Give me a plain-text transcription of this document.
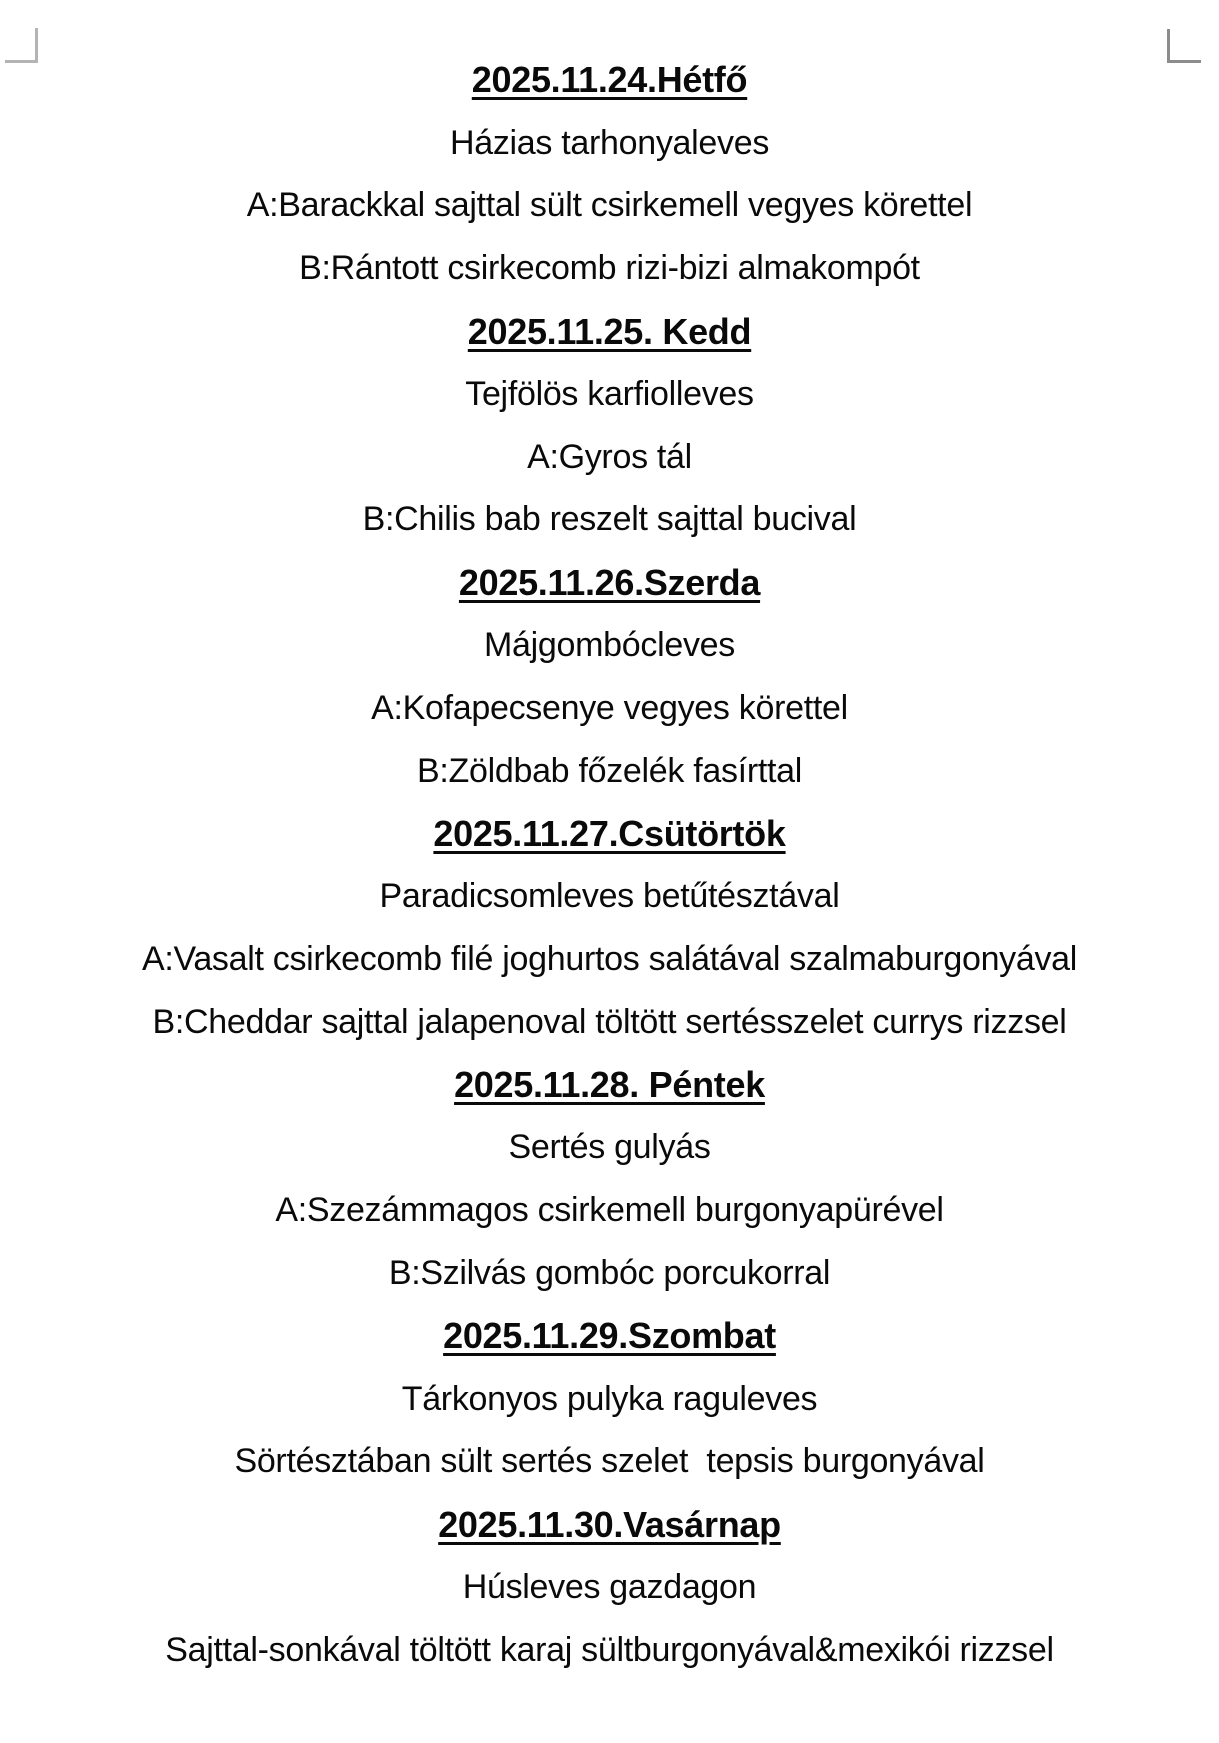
2025.11.24.Hétfő

Házias tarhonyaleves

A:Barackkal sajttal sült csirkemell vegyes körettel

B:Rántott csirkecomb rizi-bizi almakompót

2025.11.25. Kedd

Tejfölös karfiolleves

A:Gyros tál

B:Chilis bab reszelt sajttal bucival

2025.11.26.Szerda

Májgombócleves

A:Kofapecsenye vegyes körettel

B:Zöldbab főzelék fasírttal

2025.11.27.Csütörtök

Paradicsomleves betűtésztával

A:Vasalt csirkecomb filé joghurtos salátával szalmaburgonyával

B:Cheddar sajttal jalapenoval töltött sertésszelet currys rizzsel

2025.11.28. Péntek

Sertés gulyás

A:Szezámmagos csirkemell burgonyapürével

B:Szilvás gombóc porcukorral

2025.11.29.Szombat

Tárkonyos pulyka raguleves

Sörtésztában sült sertés szelet  tepsis burgonyával

2025.11.30.Vasárnap

Húsleves gazdagon

Sajttal-sonkával töltött karaj sültburgonyával&mexikói rizzsel
